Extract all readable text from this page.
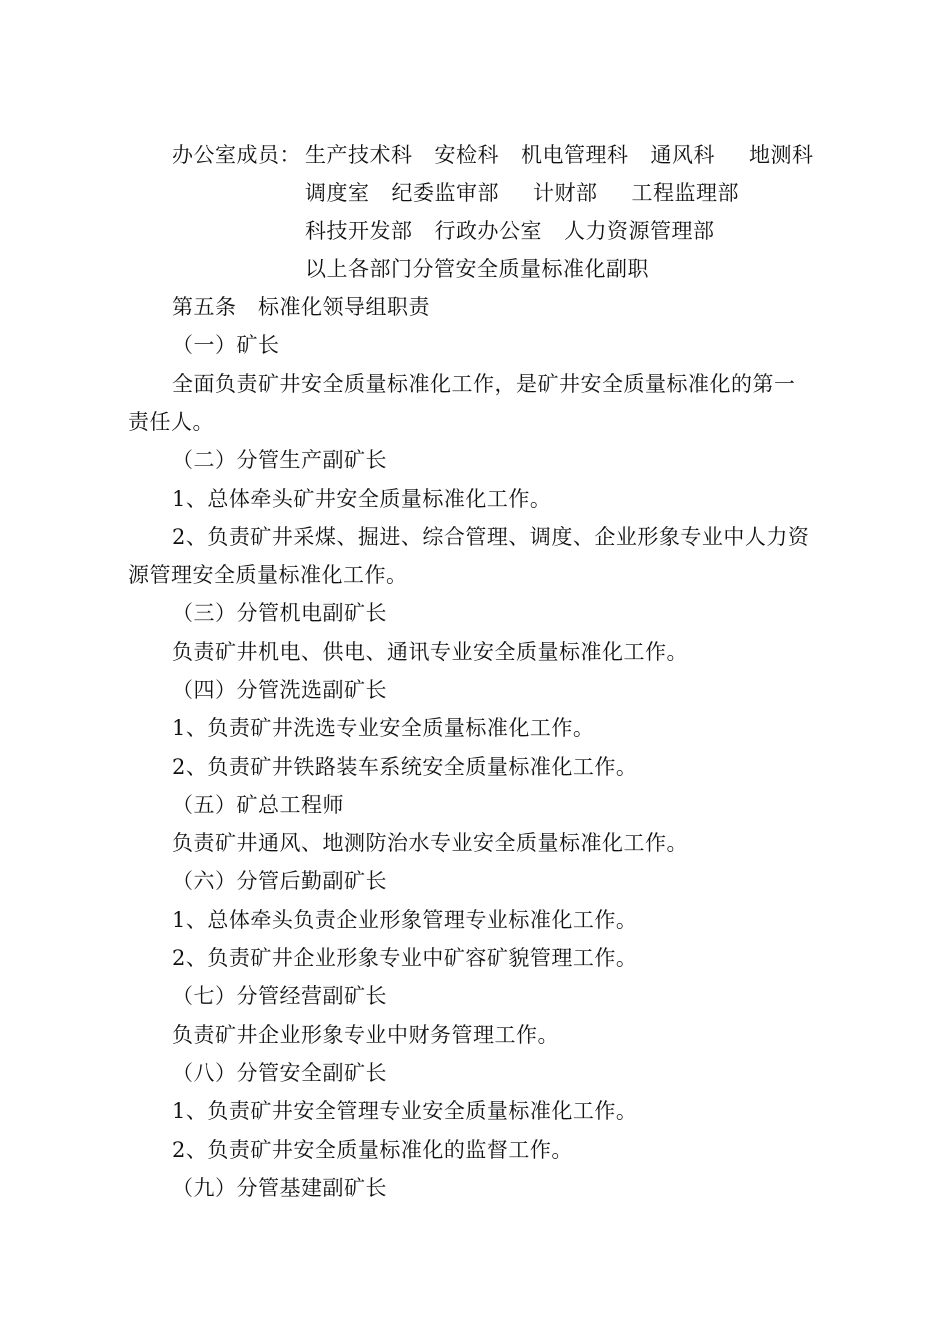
办公室成员： 生产技术科 安检科 机电管理科 通风科 地测科
调度室 纪委监审部 计财部 工程监理部
科技开发部 行政办公室 人力资源管理部
以上各部门分管安全质量标准化副职
第五条　标准化领导组职责
（一）矿长
全面负责矿井安全质量标准化工作，是矿井安全质量标准化的第一
责任人。
（二）分管生产副矿长
1、总体牵头矿井安全质量标准化工作。
2、负责矿井采煤、掘进、综合管理、调度、企业形象专业中人力资
源管理安全质量标准化工作。
（三）分管机电副矿长
负责矿井机电、供电、通讯专业安全质量标准化工作。
（四）分管洗选副矿长
1、负责矿井洗选专业安全质量标准化工作。
2、负责矿井铁路装车系统安全质量标准化工作。
（五）矿总工程师
负责矿井通风、地测防治水专业安全质量标准化工作。
（六）分管后勤副矿长
1、总体牵头负责企业形象管理专业标准化工作。
2、负责矿井企业形象专业中矿容矿貌管理工作。
（七）分管经营副矿长
负责矿井企业形象专业中财务管理工作。
（八）分管安全副矿长
1、负责矿井安全管理专业安全质量标准化工作。
2、负责矿井安全质量标准化的监督工作。
（九）分管基建副矿长
